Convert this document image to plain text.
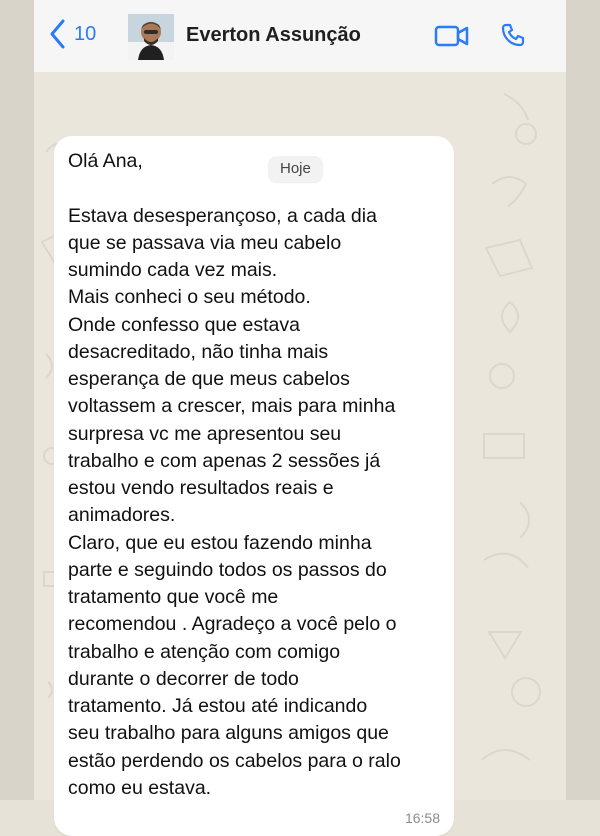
10	Everton Assunção
Olá Ana,

Estava desesperançoso, a cada dia
que se passava via meu cabelo
sumindo cada vez mais.
Mais conheci o seu método.
Onde confesso que estava
desacreditado, não tinha mais
esperança de que meus cabelos
voltassem a crescer, mais para minha
surpresa vc me apresentou seu
trabalho e com apenas 2 sessões já
estou vendo resultados reais e
animadores.
Claro, que eu estou fazendo minha
parte e seguindo todos os passos do
tratamento que você me
recomendou . Agradeço a você pelo o
trabalho e atenção com comigo
durante o decorrer de todo
tratamento. Já estou até indicando
seu trabalho para alguns amigos que
estão perdendo os cabelos para o ralo
como eu estava.
16:58
Hoje
